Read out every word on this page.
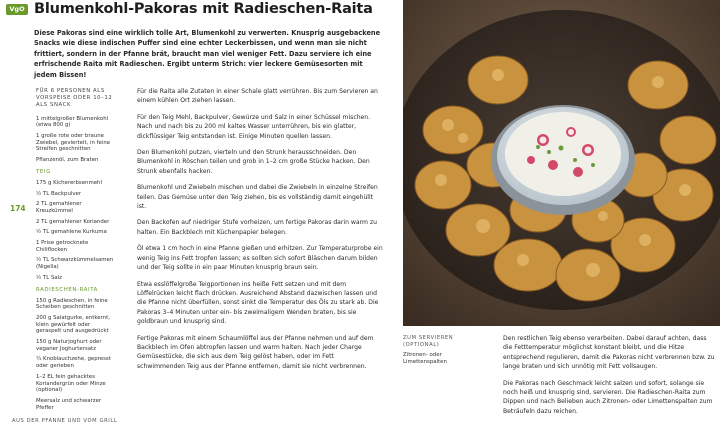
VgO Blumenkohl-Pakoras mit Radieschen-Raita

Diese Pakoras sind eine wirklich tolle Art, Blumenkohl zu verwerten. Knusprig ausgebackene Snacks wie diese indischen Puffer sind eine echter Leckerbissen, und wenn man sie nicht frittiert, sondern in der Pfanne brät, braucht man viel weniger Fett. Dazu serviere ich eine erfrischende Raita mit Radieschen. Ergibt unterm Strich: vier leckere Gemüsesorten mit jedem Bissen!

174
FÜR 6 PERSONEN ALS VORSPEISE ODER 10–12 ALS SNACK
1 mittelgroßer Blumenkohl (etwa 800 g)
1 große rote oder braune Zwiebel, geviertelt, in feine Streifen geschnitten
Pflanzenöl, zum Braten
TEIG
175 g Kichererbsenmehl
½ TL Backpulver
2 TL gemahlener Kreuzkümmel
2 TL gemahlener Koriander
½ TL gemahlene Kurkuma
1 Prise getrocknete Chiliflocken
½ TL Schwarzkümmelsamen (Nigella)
½ TL Salz
RADIESCHEN-RAITA
150 g Radieschen, in feine Scheiben geschnitten
200 g Salatgurke, entkernt, klein gewürfelt oder geraspelt und ausgedrückt
150 g Naturjoghurt oder veganer Joghurtersatz
¼ Knoblauchzehe, gepresst oder gerieben
1–2 EL fein gehacktes Koriandergrün oder Minze (optional)
Meersalz und schwarzer Pfeffer

Für die Raita alle Zutaten in einer Schale glatt verrühren. Bis zum Servieren an einem kühlen Ort ziehen lassen.

Für den Teig Mehl, Backpulver, Gewürze und Salz in einer Schüssel mischen. Nach und nach bis zu 200 ml kaltes Wasser unterrühren, bis ein glatter, dickflüssiger Teig entstanden ist. Einige Minuten quellen lassen.

Den Blumenkohl putzen, vierteln und den Strunk herausschneiden. Den Blumenkohl in Röschen teilen und grob in 1–2 cm große Stücke hacken. Den Strunk ebenfalls hacken.

Blumenkohl und Zwiebeln mischen und dabei die Zwiebeln in einzelne Streifen teilen. Das Gemüse unter den Teig ziehen, bis es vollständig damit eingehüllt ist.

Den Backofen auf niedriger Stufe vorheizen, um fertige Pakoras darin warm zu halten. Ein Backblech mit Küchenpapier belegen.

Öl etwa 1 cm hoch in eine Pfanne gießen und erhitzen. Zur Temperaturprobe ein wenig Teig ins Fett tropfen lassen; es sollten sich sofort Bläschen darum bilden und der Teig sollte in ein paar Minuten knusprig braun sein.

Etwa esslöffelgroße Teigportionen ins heiße Fett setzen und mit dem Löffelrücken leicht flach drücken. Ausreichend Abstand dazwischen lassen und die Pfanne nicht überfüllen, sonst sinkt die Temperatur des Öls zu stark ab. Die Pakoras 3–4 Minuten unter ein- bis zweimaligem Wenden braten, bis sie goldbraun und knusprig sind.

Fertige Pakoras mit einem Schaumlöffel aus der Pfanne nehmen und auf dem Backblech im Ofen abtropfen lassen und warm halten. Nach jeder Charge Gemüsestücke, die sich aus dem Teig gelöst haben, oder im Fett schwimmenden Teig aus der Pfanne entfernen, damit sie nicht verbrennen.

AUS DER PFANNE UND VOM GRILL
ZUM SERVIEREN (OPTIONAL)
Zitronen- oder Limettenspalten

Den restlichen Teig ebenso verarbeiten. Dabei darauf achten, dass die Fetttemperatur möglichst konstant bleibt, und die Hitze entsprechend regulieren, damit die Pakoras nicht verbrennen bzw. zu lange braten und sich unnötig mit Fett vollsaugen.

Die Pakoras nach Geschmack leicht salzen und sofort, solange sie noch heiß und knusprig sind, servieren. Die Radieschen-Raita zum Dippen und nach Belieben auch Zitronen- oder Limettenspalten zum Beträufeln dazu reichen.
